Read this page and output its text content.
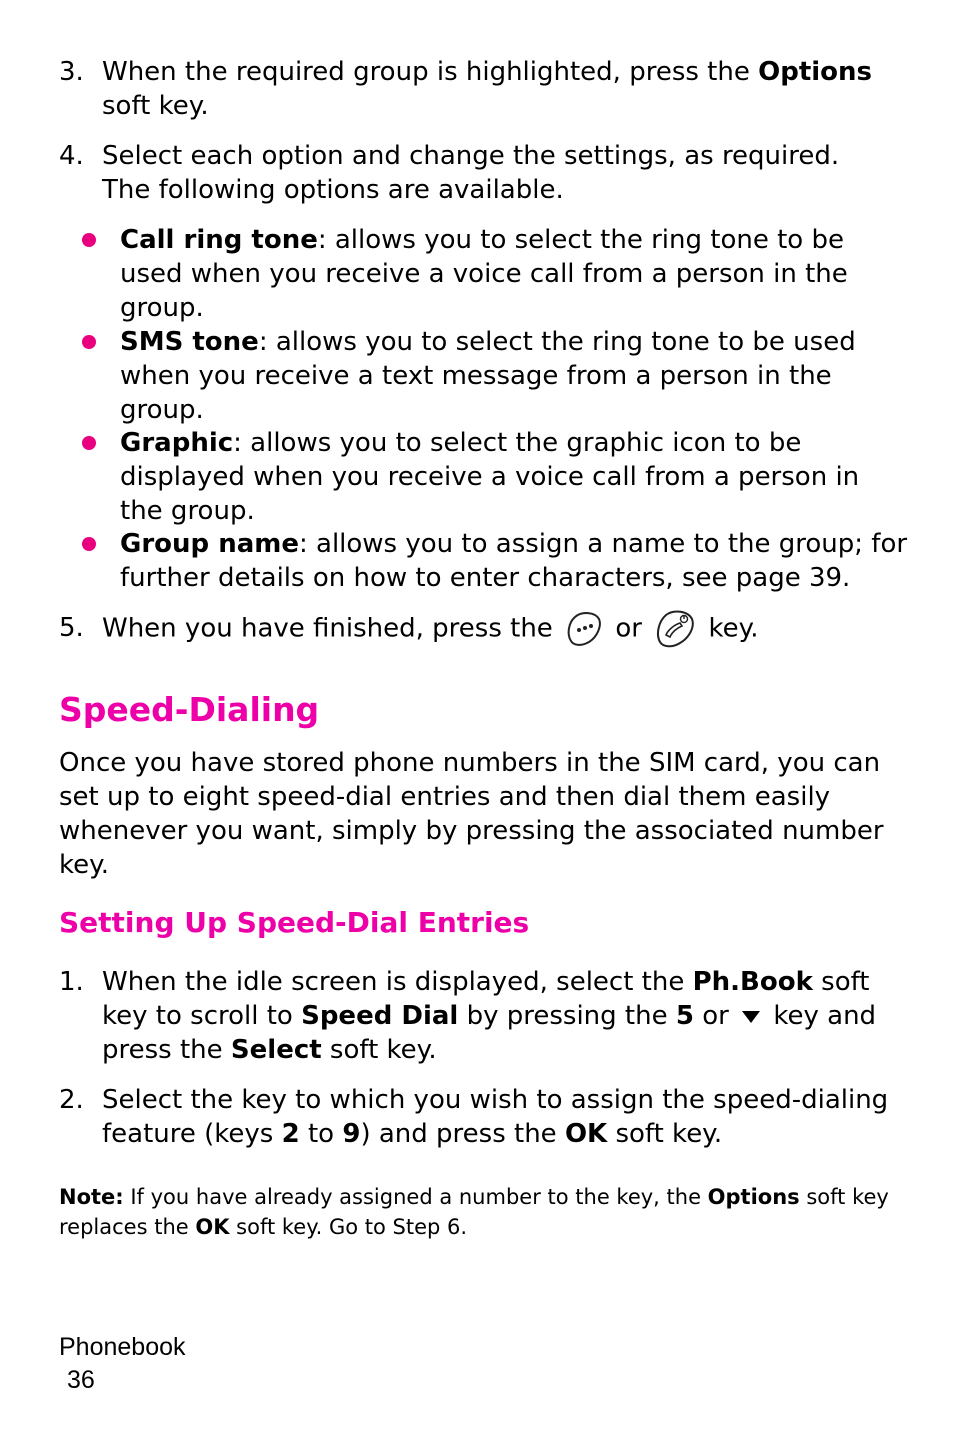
3. When the required group is highlighted, press the Options
soft key.
4. Select each option and change the settings, as required. The following options are available.
Call ring tone: allows you to select the ring tone to be used when you receive a voice call from a person in the group.
SMS tone: allows you to select the ring tone to be used when you receive a text message from a person in the group.
Graphic: allows you to select the graphic icon to be displayed when you receive a voice call from a person in the group.
Group name: allows you to assign a name to the group; for further details on how to enter characters, see page 39.
5. When you have finished, press the  or  key.
Speed-Dialing
Once you have stored phone numbers in the SIM card, you can set up to eight speed-dial entries and then dial them easily whenever you want, simply by pressing the associated number key.
Setting Up Speed-Dial Entries
1. When the idle screen is displayed, select the Ph.Book soft key to scroll to Speed Dial by pressing the 5 or  key and press the Select soft key.
2. Select the key to which you wish to assign the speed-dialing feature (keys 2 to 9) and press the OK soft key.
Note: If you have already assigned a number to the key, the Options soft key replaces the OK soft key. Go to Step 6.
Phonebook
36
